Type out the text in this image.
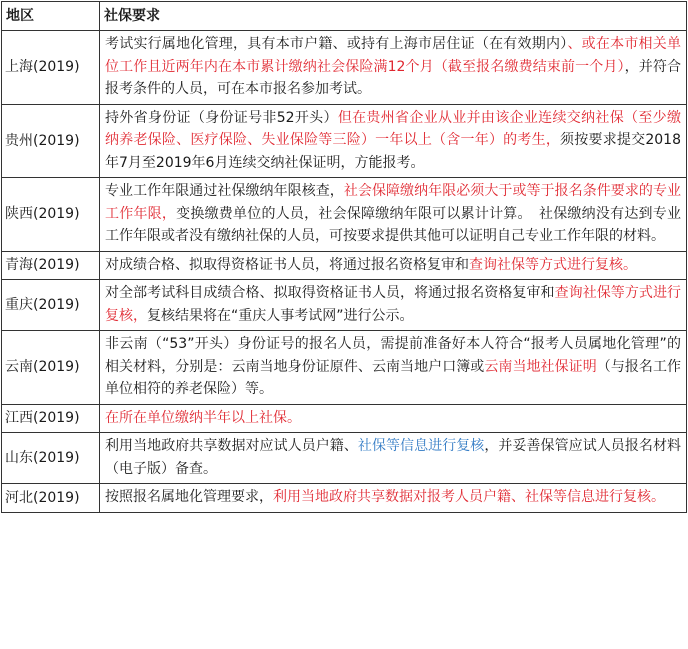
地区	社保要求
上海(2019)	考试实行属地化管理，具有本市户籍、或持有上海市居住证（在有效期内）、或在本市相关单位工作且近两年内在本市累计缴纳社会保险满12个月（截至报名缴费结束前一个月），并符合报考条件的人员，可在本市报名参加考试。
贵州(2019)	持外省身份证（身份证号非52开头）但在贵州省企业从业并由该企业连续交纳社保（至少缴纳养老保险、医疗保险、失业保险等三险）一年以上（含一年）的考生，须按要求提交2018年7月至2019年6月连续交纳社保证明，方能报考。
陕西(2019)	专业工作年限通过社保缴纳年限核查，社会保障缴纳年限必须大于或等于报名条件要求的专业工作年限，变换缴费单位的人员，社会保障缴纳年限可以累计计算。　社保缴纳没有达到专业工作年限或者没有缴纳社保的人员，可按要求提供其他可以证明自己专业工作年限的材料。
青海(2019)	对成绩合格、拟取得资格证书人员，将通过报名资格复审和查询社保等方式进行复核。
重庆(2019)	对全部考试科目成绩合格、拟取得资格证书人员，将通过报名资格复审和查询社保等方式进行复核，复核结果将在“重庆人事考试网”进行公示。
云南(2019)	非云南（“53”开头）身份证号的报名人员，需提前准备好本人符合“报考人员属地化管理”的相关材料，分别是：云南当地身份证原件、云南当地户口簿或云南当地社保证明（与报名工作单位相符的养老保险）等。
江西(2019)	在所在单位缴纳半年以上社保。
山东(2019)	利用当地政府共享数据对应试人员户籍、社保等信息进行复核，并妥善保管应试人员报名材料（电子版）备查。
河北(2019)	按照报名属地化管理要求，利用当地政府共享数据对报考人员户籍、社保等信息进行复核。
